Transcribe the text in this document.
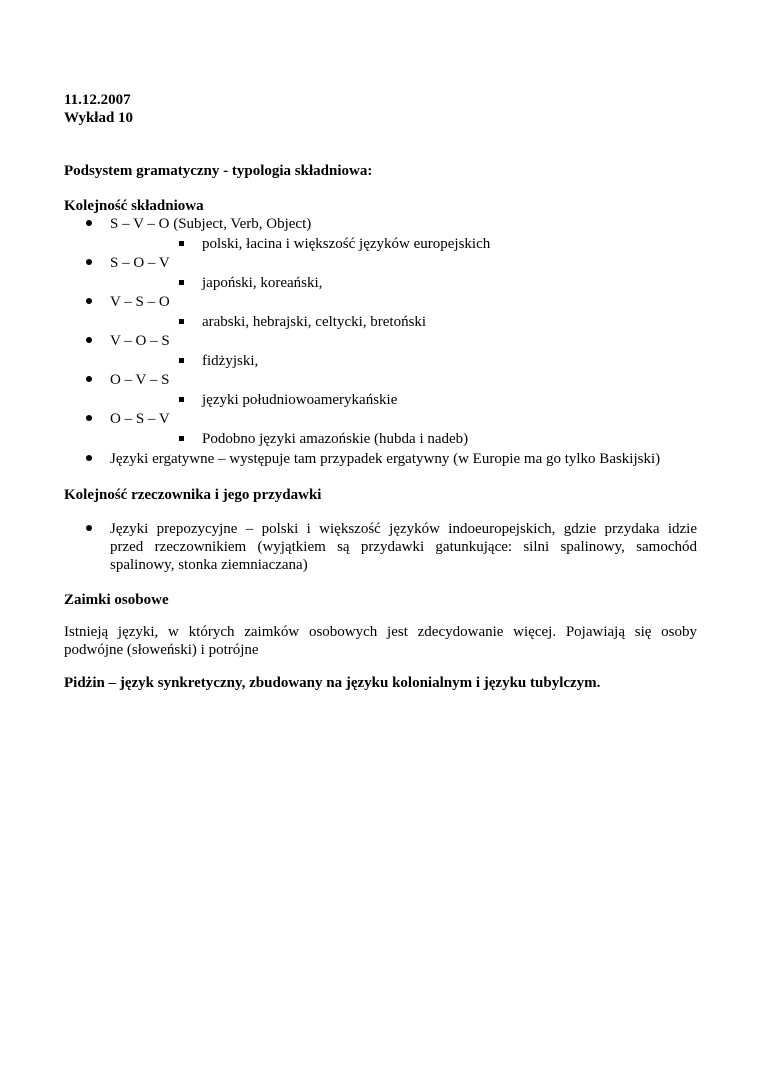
11.12.2007
Wykład 10
Podsystem gramatyczny - typologia składniowa:
Kolejność składniowa
S – V – O (Subject, Verb, Object)
polski, łacina i większość języków europejskich
S – O – V
japoński, koreański,
V – S – O
arabski, hebrajski, celtycki, bretoński
V – O – S
fidżyjski,
O – V – S
języki południowoamerykańskie
O – S – V
Podobno języki amazońskie (hubda i nadeb)
Języki ergatywne – występuje tam przypadek ergatywny (w Europie ma go tylko Baskijski)
Kolejność rzeczownika i jego przydawki
Języki prepozycyjne – polski i większość języków indoeuropejskich, gdzie przydaka idzie
przed rzeczownikiem (wyjątkiem są przydawki gatunkujące: silni spalinowy, samochód
spalinowy, stonka ziemniaczana)
Zaimki osobowe
Istnieją języki, w których zaimków osobowych jest zdecydowanie więcej. Pojawiają się osoby
podwójne (słoweński) i potrójne
Pidżin – język synkretyczny, zbudowany na języku kolonialnym i języku tubylczym.
